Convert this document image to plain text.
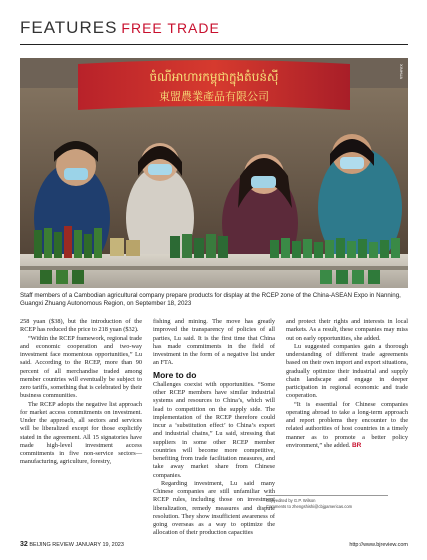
FEATURES FREE TRADE
ចំណីអាហារកម្ពុជាក្នុងតំបន់ស៊ី
東盟農業產品有限公司
XINHUA
Staff members of a Cambodian agricultural company prepare products for display at the RCEP zone of the China-ASEAN Expo in Nanning, Guangxi Zhuang Autonomous Region, on September 18, 2023

258 yuan ($38), but the introduction of the RCEP has reduced the price to 218 yuan ($32).

“Within the RCEP framework, regional trade and economic cooperation and two-way investment face momentous opportunities,” Lu said. According to the RCEP, more than 90 percent of all merchandise traded among member countries will eventually be subject to zero tariffs, something that is celebrated by their business communities.

The RCEP adopts the negative list approach for market access commitments on investment. Under the approach, all sectors and services will be liberalized except for those explicitly stated in the agreement. All 15 signatories have made high-level investment access commitments in five non-service sectors—manufacturing, agriculture, forestry,

fishing and mining. The move has greatly improved the transparency of policies of all parties, Lu said. It is the first time that China has made commitments in the field of investment in the form of a negative list under an FTA.

More to do

Challenges coexist with opportunities. “Some other RCEP members have similar industrial systems and resources to China’s, which will lead to competition on the supply side. The implementation of the RCEP therefore could incur a ‘substitution effect’ to China’s export and industrial chains,” Lu said, stressing that suppliers in some other RCEP member countries will become more competitive, benefiting from trade facilitation measures, and take away market share from Chinese companies.

Regarding investment, Lu said many Chinese companies are still unfamiliar with RCEP rules, including those on investment liberalization, remedy measures and dispute resolution. They show insufficient awareness of going overseas as a way to optimize the allocation of their production capacities

and protect their rights and interests in local markets. As a result, these companies may miss out on early opportunities, she added.

Lu suggested companies gain a thorough understanding of different trade agreements based on their own import and export situations, gradually optimize their industrial and supply chain landscape and engage in deeper participation in regional economic and trade cooperation.

“It is essential for Chinese companies operating abroad to take a long-term approach and report problems they encounter to the related authorities of host countries in a timely manner as to promote a better policy environment,” she added. BR

Copyedited by G.P. Wilson
Comments to zhengshishi@cbjgamericas.com
32 BEIJING REVIEW JANUARY 19, 2023	http://www.bjreview.com
